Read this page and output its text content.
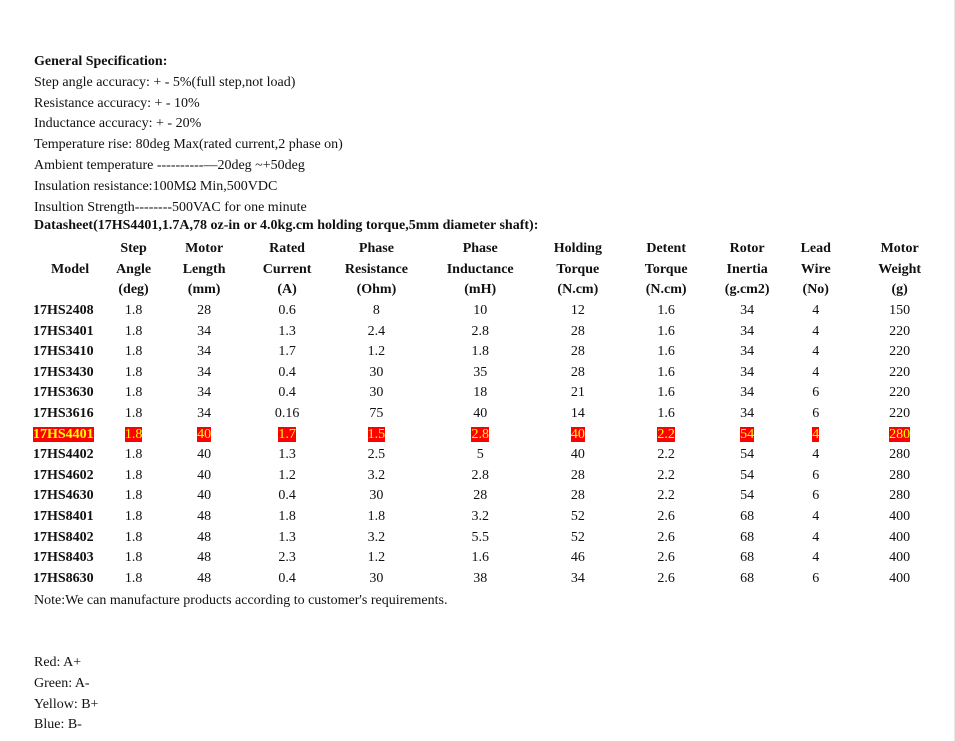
General Specification:
Step angle accuracy: + - 5%(full step,not load)
Resistance accuracy: + - 10%
Inductance accuracy: + - 20%
Temperature rise: 80deg Max(rated current,2 phase on)
Ambient temperature ----------—20deg ~+50deg
Insulation resistance:100MΩ Min,500VDC
Insultion Strength--------500VAC for one minute
Datasheet(17HS4401,1.7A,78 oz-in or 4.0kg.cm holding torque,5mm diameter shaft):
	Step	Motor	Rated	Phase	Phase	Holding	Detent	Rotor	Lead	Motor
Model	Angle	Length	Current	Resistance	Inductance	Torque	Torque	Inertia	Wire	Weight
	(deg)	(mm)	(A)	(Ohm)	(mH)	(N.cm)	(N.cm)	(g.cm2)	(No)	(g)
17HS2408	1.8	28	0.6	8	10	12	1.6	34	4	150
17HS3401	1.8	34	1.3	2.4	2.8	28	1.6	34	4	220
17HS3410	1.8	34	1.7	1.2	1.8	28	1.6	34	4	220
17HS3430	1.8	34	0.4	30	35	28	1.6	34	4	220
17HS3630	1.8	34	0.4	30	18	21	1.6	34	6	220
17HS3616	1.8	34	0.16	75	40	14	1.6	34	6	220
17HS4401	1.8	40	1.7	1.5	2.8	40	2.2	54	4	280
17HS4402	1.8	40	1.3	2.5	5	40	2.2	54	4	280
17HS4602	1.8	40	1.2	3.2	2.8	28	2.2	54	6	280
17HS4630	1.8	40	0.4	30	28	28	2.2	54	6	280
17HS8401	1.8	48	1.8	1.8	3.2	52	2.6	68	4	400
17HS8402	1.8	48	1.3	3.2	5.5	52	2.6	68	4	400
17HS8403	1.8	48	2.3	1.2	1.6	46	2.6	68	4	400
17HS8630	1.8	48	0.4	30	38	34	2.6	68	6	400
Note:We can manufacture products according to customer's requirements.
Red: A+
Green: A-
Yellow: B+
Blue: B-
